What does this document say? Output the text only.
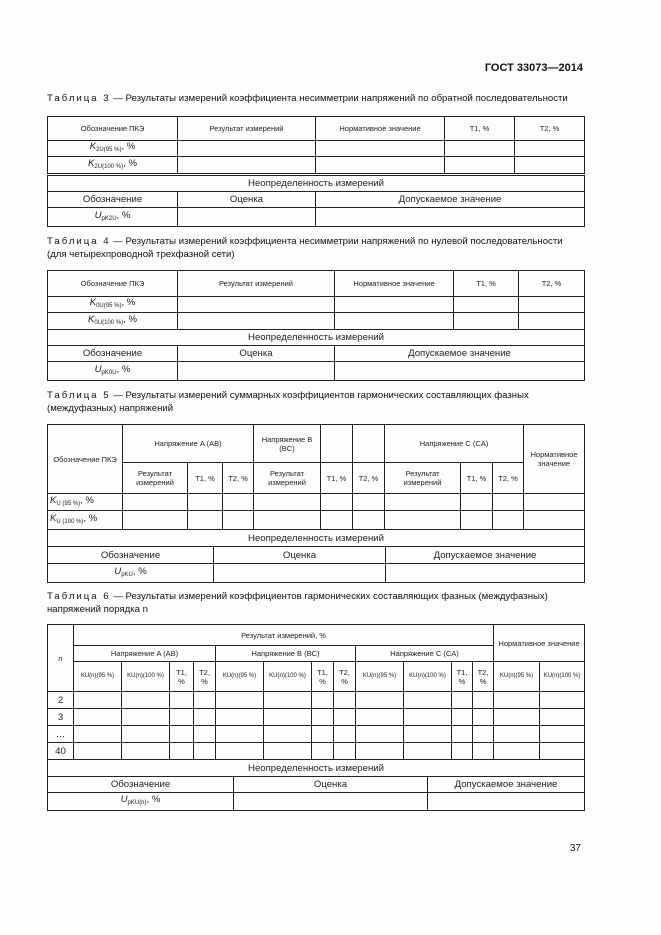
ГОСТ 33073—2014
Таблица 3 — Результаты измерений коэффициента несимметрии напряжений по обратной последовательности
Обозначение ПКЭ	Результат измерений	Нормативное значение	T1, %	T2, %
$K_{2U(95 \%)}$, %				
$K_{2U(100 \%)}$, %				
Неопределенность измерений		
Обозначение	Оценка	Допускаемое значение
$U_{pK2U}$, %		
Таблица 4 — Результаты измерений коэффициента несимметрии напряжений по нулевой последовательности (для четырехпроводной трехфазной сети)
Обозначение ПКЭ	Результат измерений	Нормативное значение	T1, %	T2, %
$K_{0U(95 \%)}$, %				
$K_{0U(100 \%)}$, %				
Неопределенность измерений		
Обозначение	Оценка	Допускаемое значение
$U_{pK0U}$, %		
Таблица 5 — Результаты измерений суммарных коэффициентов гармонических составляющих фазных (междуфазных) напряжений
Обозначение ПКЭ	Напряжение A (AB)			Напряжение B (BC)			Напряжение C (CA)			Нормативное значение
	Результат измерений	T1, %	T2, %	Результат измерений	T1, %	T2, %	Результат измерений	T1, %	T2, %	
$K_{U (95 \%)}$, %										
$K_{U (100 \%)}$, %										
Неопределенность измерений		
Обозначение	Оценка	Допускаемое значение
$U_{pKU}$, %		
Таблица 6 — Результаты измерений коэффициентов гармонических составляющих фазных (междуфазных) напряжений порядка n
n	Результат измерений, %												Нормативное значение	
	Напряжение A (AB)				Напряжение B (BC)				Напряжение C (CA)					
	KU(n)(95 %)	KU(n)(100 %)	T1, %	T2, %	KU(n)(95 %)	KU(n)(100 %)	T1, %	T2, %	KU(n)(95 %)	KU(n)(100 %)	T1, %	T2, %	KU(n)(95 %)	KU(n)(100 %)
2														
3														
…														
40														
Неопределенность измерений		
Обозначение	Оценка	Допускаемое значение
$U_{pKU(n)}$, %		
37
